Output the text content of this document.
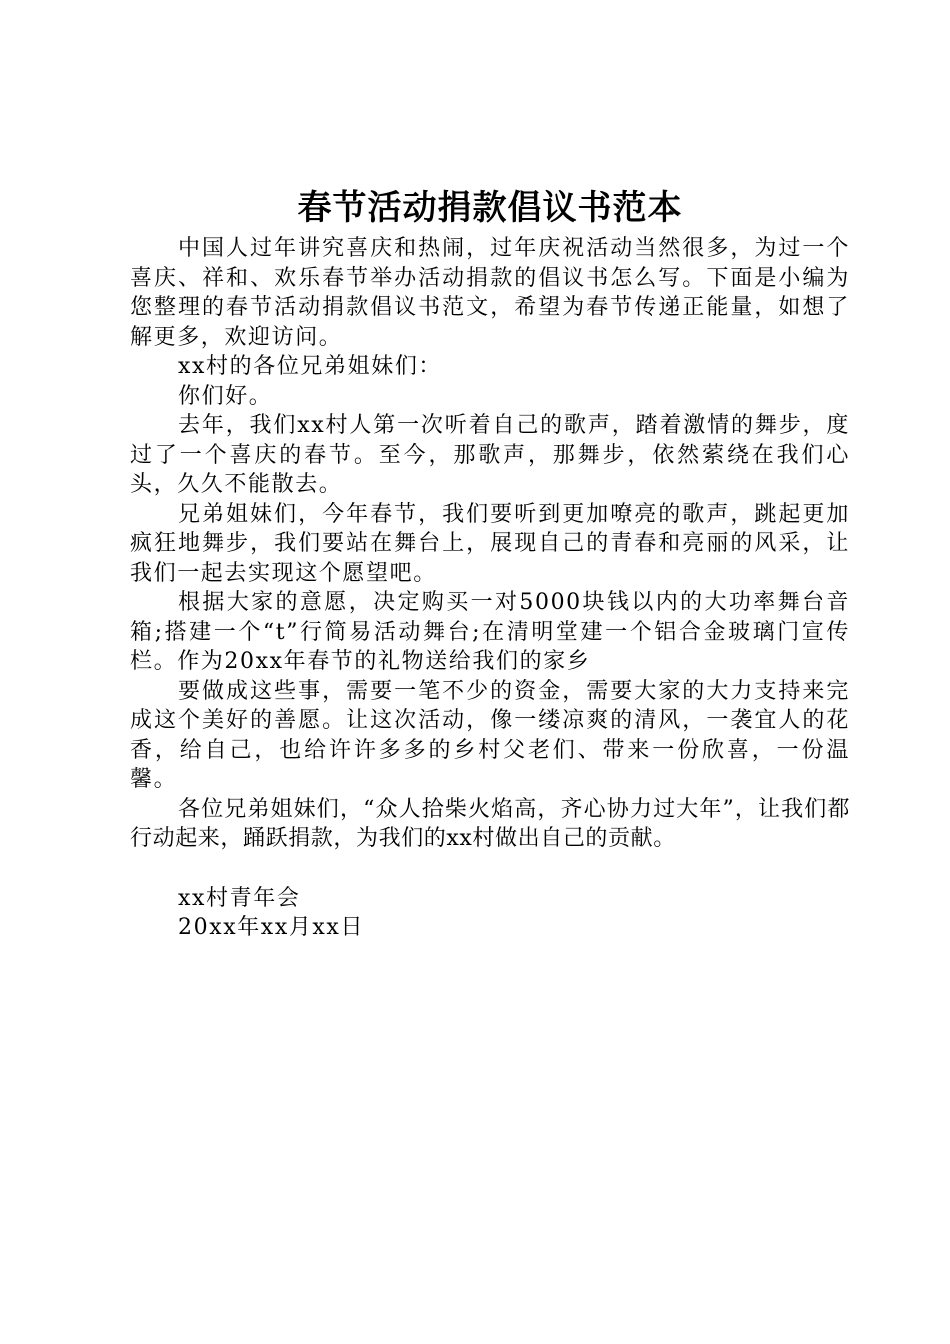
春节活动捐款倡议书范本

中国人过年讲究喜庆和热闹，过年庆祝活动当然很多，为过一个喜庆、祥和、欢乐春节举办活动捐款的倡议书怎么写。下面是小编为您整理的春节活动捐款倡议书范文，希望为春节传递正能量，如想了解更多，欢迎访问。

xx村的各位兄弟姐妹们：

你们好。

去年，我们xx村人第一次听着自己的歌声，踏着激情的舞步，度过了一个喜庆的春节。至今，那歌声，那舞步，依然萦绕在我们心头，久久不能散去。

兄弟姐妹们，今年春节，我们要听到更加嘹亮的歌声，跳起更加疯狂地舞步，我们要站在舞台上，展现自己的青春和亮丽的风采，让我们一起去实现这个愿望吧。

根据大家的意愿，决定购买一对5000块钱以内的大功率舞台音箱;搭建一个“t”行简易活动舞台;在清明堂建一个铝合金玻璃门宣传栏。作为20xx年春节的礼物送给我们的家乡

要做成这些事，需要一笔不少的资金，需要大家的大力支持来完成这个美好的善愿。让这次活动，像一缕凉爽的清风，一袭宜人的花香，给自己，也给许许多多的乡村父老们、带来一份欣喜，一份温馨。

各位兄弟姐妹们，“众人拾柴火焰高，齐心协力过大年”，让我们都行动起来，踊跃捐款，为我们的xx村做出自己的贡献。

xx村青年会

20xx年xx月xx日
